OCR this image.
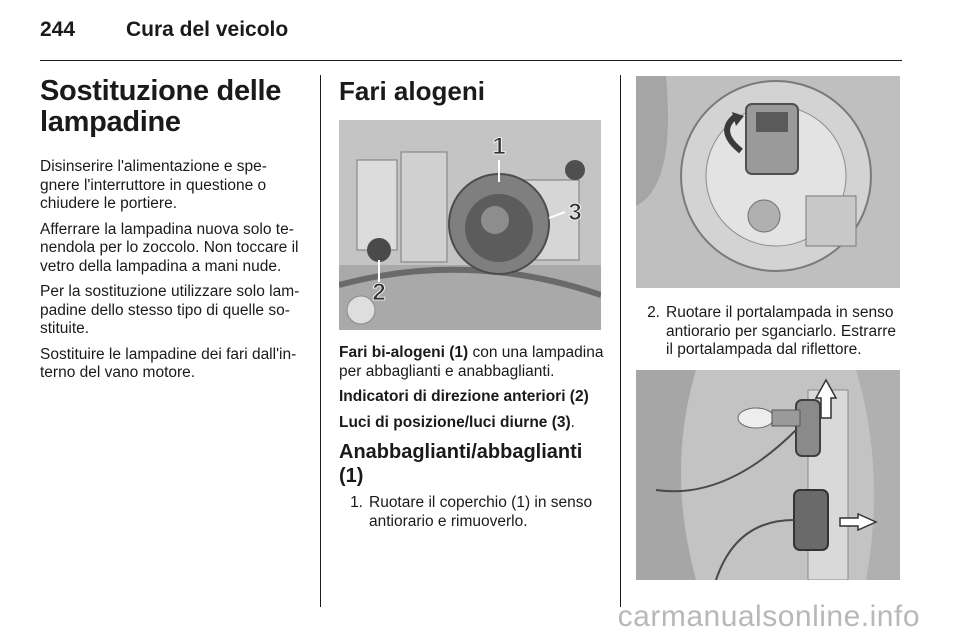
244	Cura del veicolo
Sostituzione delle lampadine

Disinserire l'alimentazione e spe-gnere l'interruttore in questione o chiudere le portiere.

Afferrare la lampadina nuova solo te-nendola per lo zoccolo. Non toccare il vetro della lampadina a mani nude.

Per la sostituzione utilizzare solo lam-padine dello stesso tipo di quelle so-stituite.

Sostituire le lampadine dei fari dall'in-terno del vano motore.

Fari alogeni
1
3
2

Fari bi-alogeni (1) con una lampadina per abbaglianti e anabbaglianti.

Indicatori di direzione anteriori (2)

Luci di posizione/luci diurne (3).

Anabbaglianti/abbaglianti (1)
1. Ruotare il coperchio (1) in senso antiorario e rimuoverlo.
2. Ruotare il portalampada in senso antiorario per sganciarlo. Estrarre il portalampada dal riflettore.
carmanualsonline.info
